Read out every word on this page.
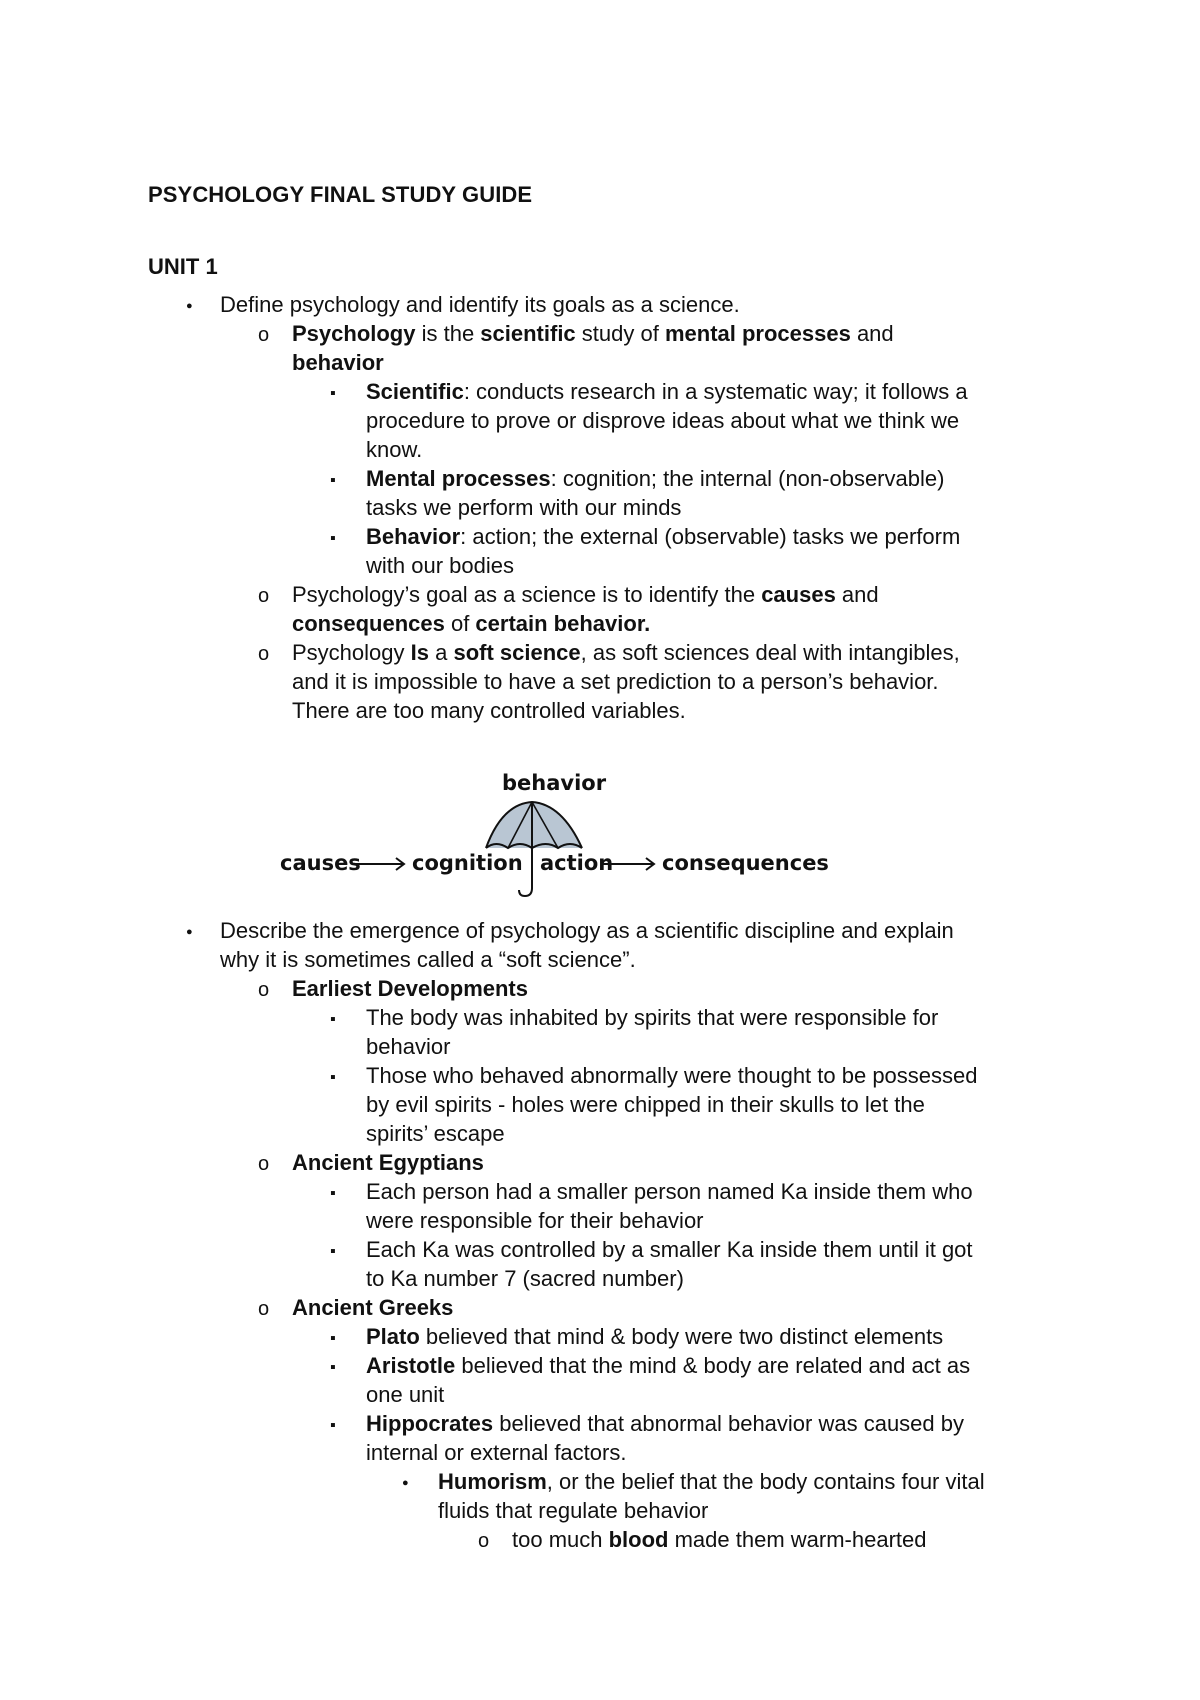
PSYCHOLOGY FINAL STUDY GUIDE
UNIT 1
●
Define psychology and identify its goals as a science.
o
Psychology is the scientific study of mental processes and
behavior
▪
Scientific: conducts research in a systematic way; it follows a
procedure to prove or disprove ideas about what we think we
know.
▪
Mental processes: cognition; the internal (non-observable)
tasks we perform with our minds
▪
Behavior: action; the external (observable) tasks we perform
with our bodies
o
Psychology’s goal as a science is to identify the causes and
consequences of certain behavior.
o
Psychology Is a soft science, as soft sciences deal with intangibles,
and it is impossible to have a set prediction to a person’s behavior.
There are too many controlled variables.
behavior
causes cognition action consequences
●
Describe the emergence of psychology as a scientific discipline and explain
why it is sometimes called a “soft science”.
o
Earliest Developments
▪
The body was inhabited by spirits that were responsible for
behavior
▪
Those who behaved abnormally were thought to be possessed
by evil spirits - holes were chipped in their skulls to let the
spirits’ escape
o
Ancient Egyptians
▪
Each person had a smaller person named Ka inside them who
were responsible for their behavior
▪
Each Ka was controlled by a smaller Ka inside them until it got
to Ka number 7 (sacred number)
o
Ancient Greeks
▪
Plato believed that mind & body were two distinct elements
▪
Aristotle believed that the mind & body are related and act as
one unit
▪
Hippocrates believed that abnormal behavior was caused by
internal or external factors.
●
Humorism, or the belief that the body contains four vital
fluids that regulate behavior
o
too much blood made them warm-hearted
